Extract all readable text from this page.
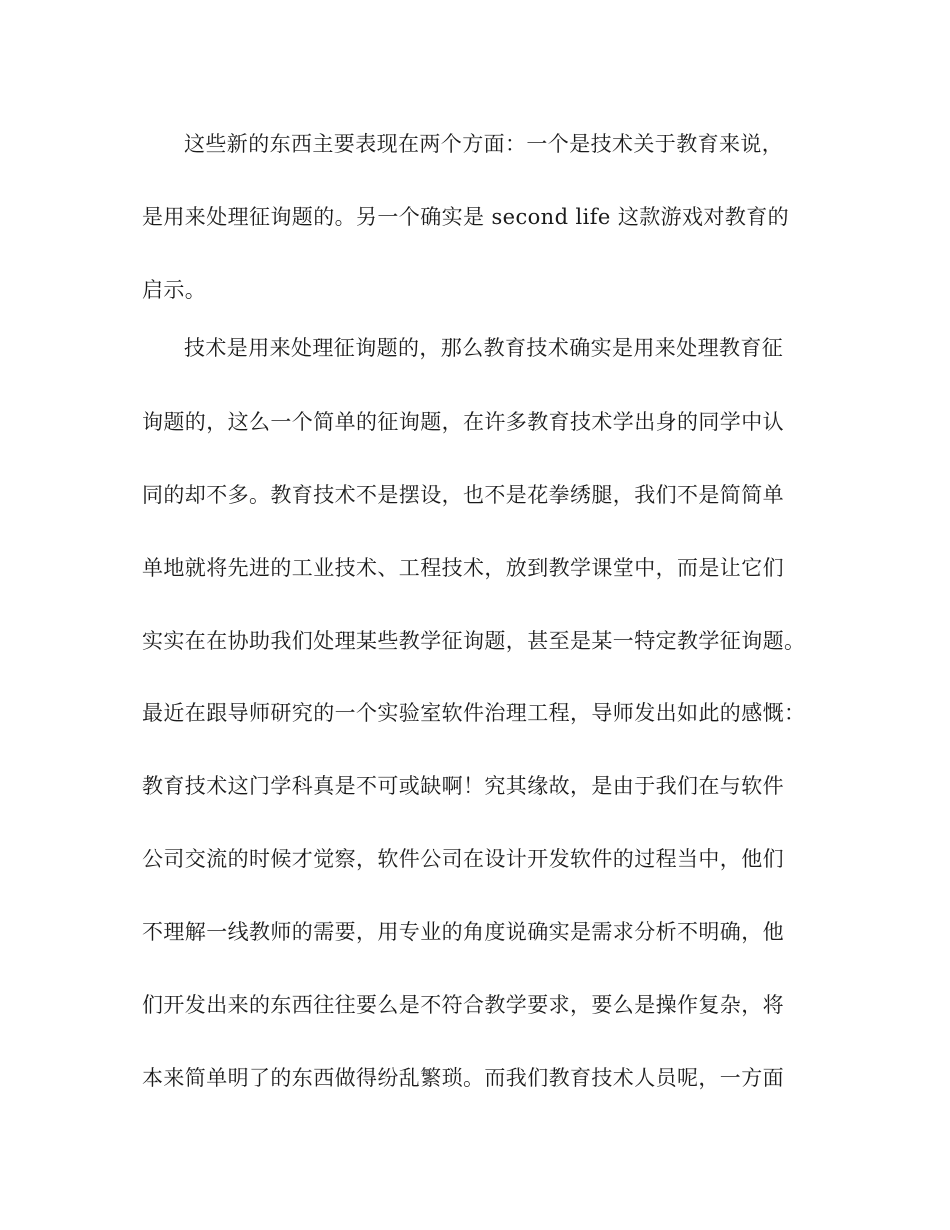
这些新的东西主要表现在两个方面：一个是技术关于教育来说，
是用来处理征询题的。另一个确实是 second life 这款游戏对教育的
启示。
技术是用来处理征询题的，那么教育技术确实是用来处理教育征
询题的，这么一个简单的征询题，在许多教育技术学出身的同学中认
同的却不多。教育技术不是摆设，也不是花拳绣腿，我们不是简简单
单地就将先进的工业技术、工程技术，放到教学课堂中，而是让它们
实实在在协助我们处理某些教学征询题，甚至是某一特定教学征询题。
最近在跟导师研究的一个实验室软件治理工程，导师发出如此的感慨：
教育技术这门学科真是不可或缺啊！究其缘故，是由于我们在与软件
公司交流的时候才觉察，软件公司在设计开发软件的过程当中，他们
不理解一线教师的需要，用专业的角度说确实是需求分析不明确，他
们开发出来的东西往往要么是不符合教学要求，要么是操作复杂，将
本来简单明了的东西做得纷乱繁琐。而我们教育技术人员呢，一方面
